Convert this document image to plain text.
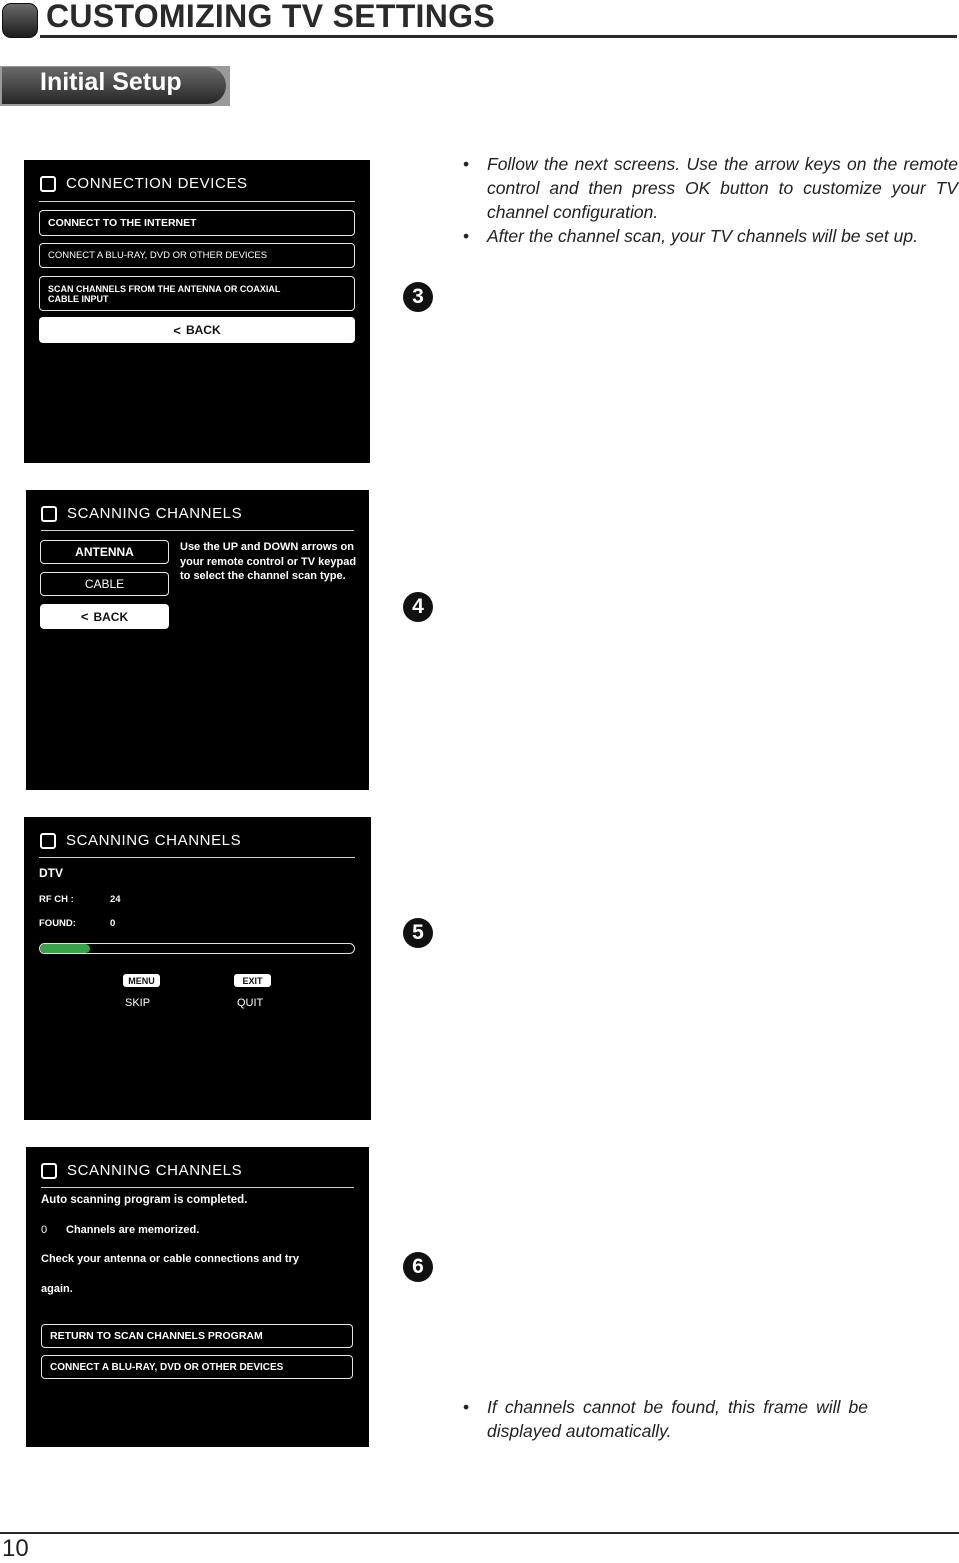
CUSTOMIZING TV SETTINGS
Initial Setup
CONNECTION DEVICES
CONNECT TO THE INTERNET
CONNECT A BLU-RAY, DVD OR OTHER DEVICES
SCAN CHANNELS FROM THE ANTENNA OR COAXIAL
CABLE INPUT
< BACK
SCANNING CHANNELS
ANTENNA
CABLE
< BACK
Use the UP and DOWN arrows on your remote control or TV keypad to select the channel scan type.
SCANNING CHANNELS
DTV
RF CH :	24
FOUND:	0
MENU
SKIP
EXIT
QUIT
SCANNING CHANNELS
Auto scanning program is completed.
0 Channels are memorized.
Check your antenna or cable connections and try
again.
RETURN TO SCAN CHANNELS PROGRAM
CONNECT A BLU-RAY, DVD OR OTHER DEVICES
3
4
5
6
• Follow the next screens. Use the arrow keys on the remote control and then press OK button to customize your TV channel configuration.
• After the channel scan, your TV channels will be set up.
• If channels cannot be found, this frame will be displayed automatically.
10
